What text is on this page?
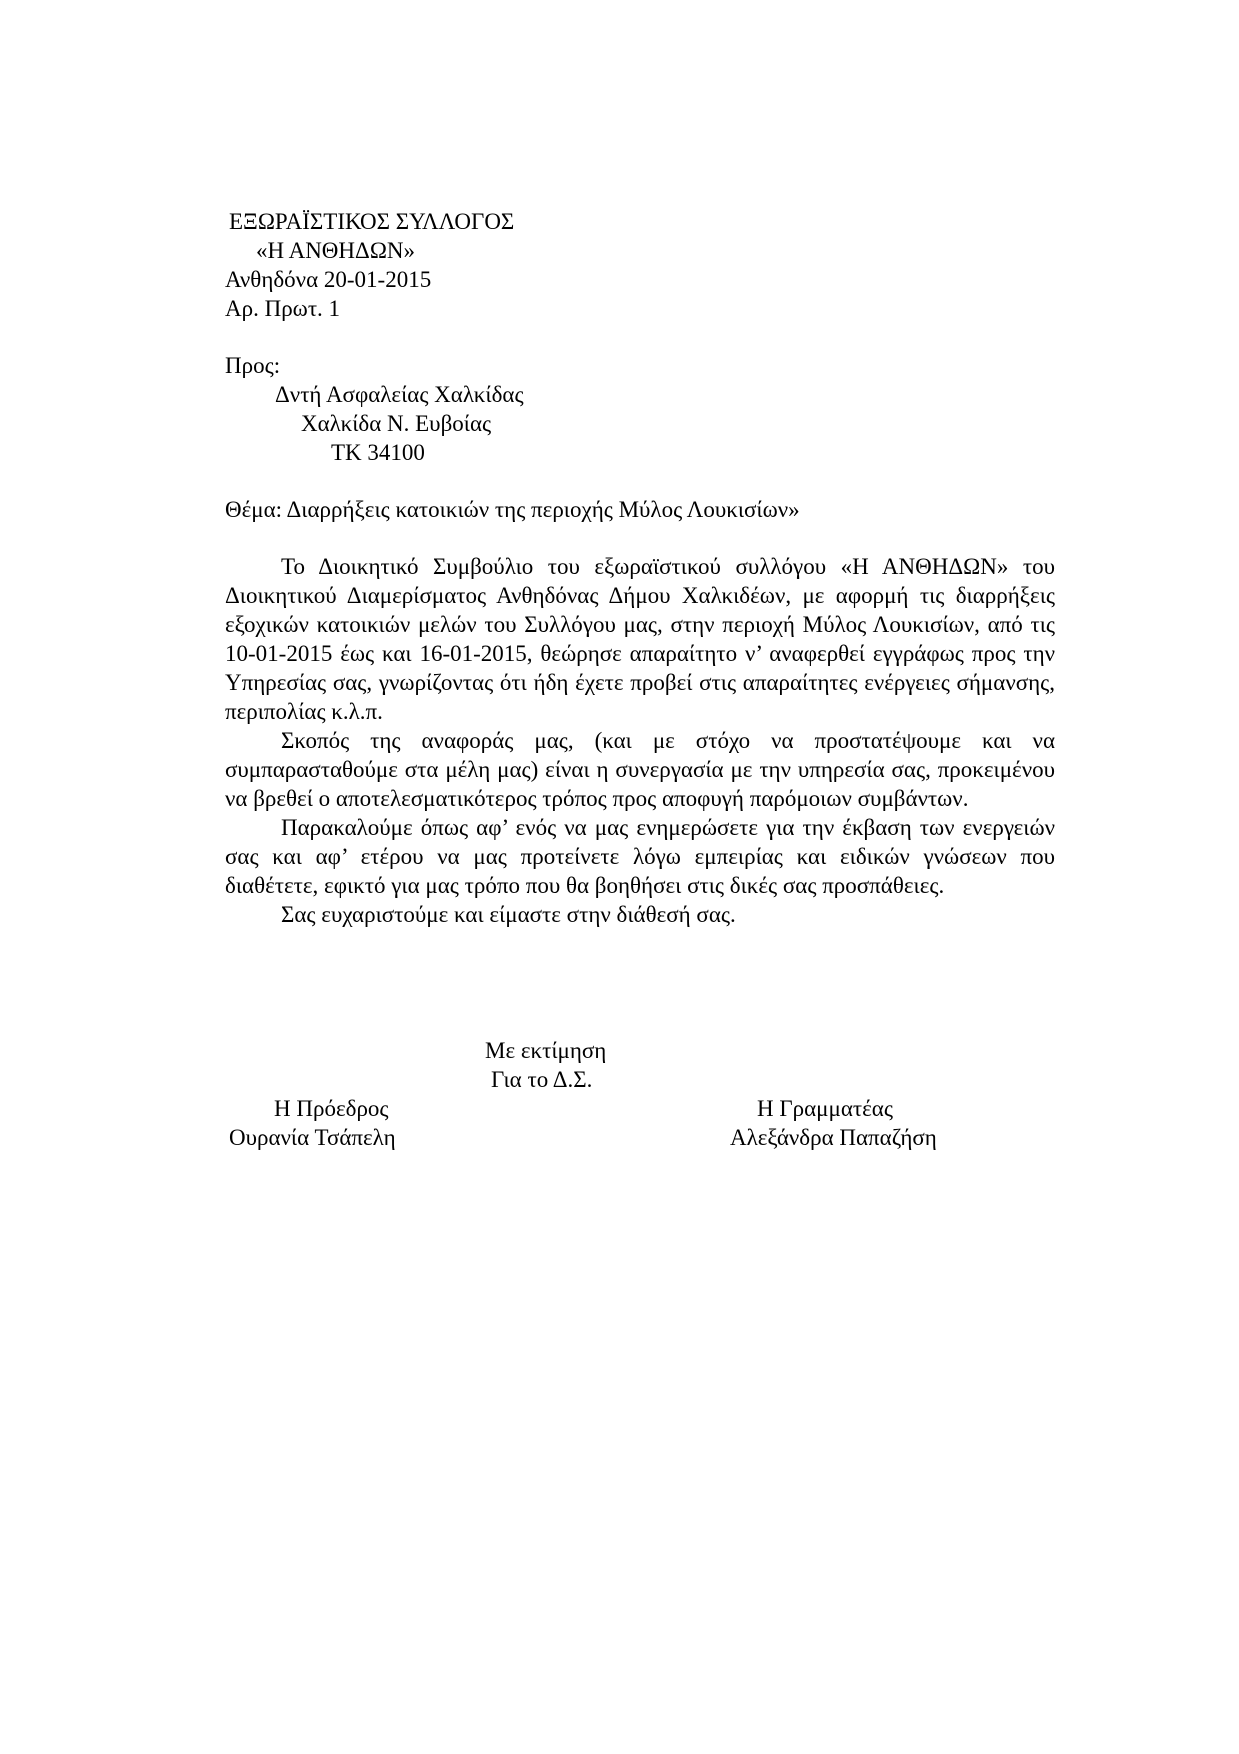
ΕΞΩΡΑΪΣΤΙΚΟΣ ΣΥΛΛΟΓΟΣ
«Η ΑΝΘΗΔΩΝ»
Ανθηδόνα 20-01-2015
Αρ. Πρωτ. 1
Προς:
Δντή Ασφαλείας Χαλκίδας
Χαλκίδα Ν. Ευβοίας
ΤΚ 34100
Θέμα: Διαρρήξεις κατοικιών της περιοχής Μύλος Λουκισίων»

Το Διοικητικό Συμβούλιο του εξωραϊστικού συλλόγου «Η ΑΝΘΗΔΩΝ» του Διοικητικού Διαμερίσματος Ανθηδόνας Δήμου Χαλκιδέων, με αφορμή τις διαρρήξεις εξοχικών κατοικιών μελών του Συλλόγου μας, στην περιοχή Μύλος Λουκισίων, από τις 10-01-2015 έως και 16-01-2015, θεώρησε απαραίτητο ν’ αναφερθεί εγγράφως προς την Υπηρεσίας σας, γνωρίζοντας ότι ήδη έχετε προβεί στις απαραίτητες ενέργειες σήμανσης, περιπολίας κ.λ.π.

Σκοπός της αναφοράς μας, (και με στόχο να προστατέψουμε και να συμπαρασταθούμε στα μέλη μας) είναι η συνεργασία με την υπηρεσία σας, προκειμένου να βρεθεί ο αποτελεσματικότερος τρόπος προς αποφυγή παρόμοιων συμβάντων.

Παρακαλούμε όπως αφ’ ενός να μας ενημερώσετε για την έκβαση των ενεργειών σας και αφ’ ετέρου να μας προτείνετε λόγω εμπειρίας και ειδικών γνώσεων που διαθέτετε, εφικτό για μας τρόπο που θα βοηθήσει στις δικές σας προσπάθειες.

Σας ευχαριστούμε και είμαστε στην διάθεσή σας.

Με εκτίμηση
Για το Δ.Σ.
Η Πρόεδρος
Ουρανία Τσάπελη
Η Γραμματέας
Αλεξάνδρα Παπαζήση
